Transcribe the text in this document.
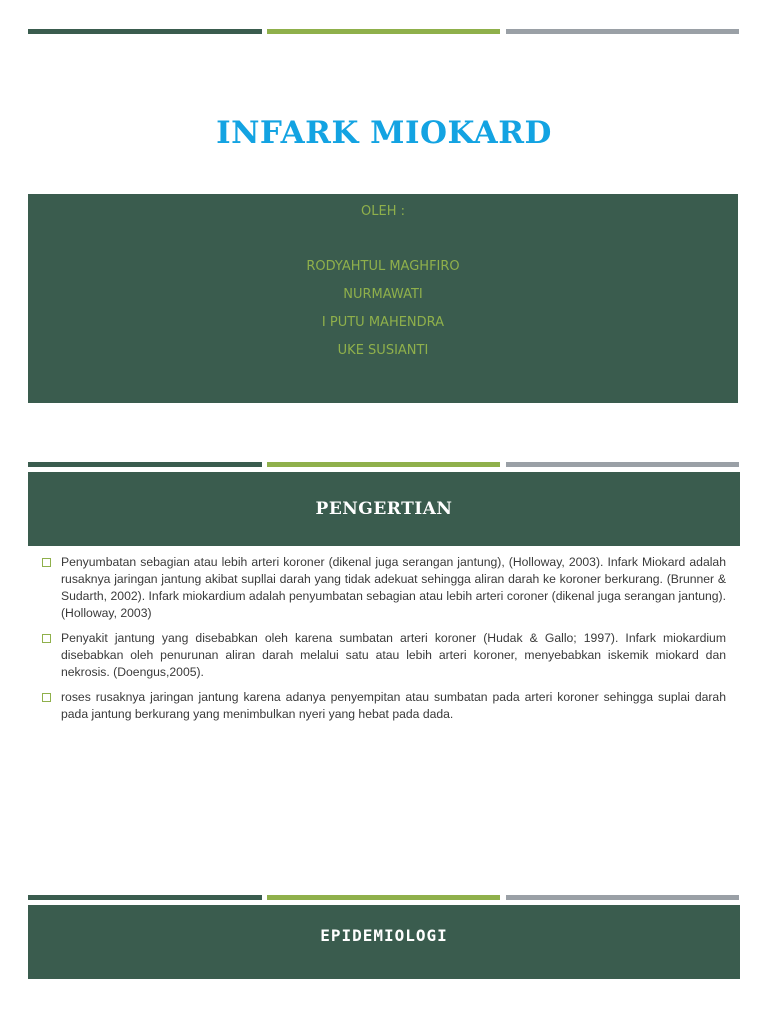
INFARK MIOKARD
OLEH :
RODYAHTUL MAGHFIRO
NURMAWATI
I PUTU MAHENDRA
UKE SUSIANTI
PENGERTIAN
Penyumbatan sebagian atau lebih arteri koroner (dikenal juga serangan jantung), (Holloway, 2003). Infark Miokard adalah rusaknya jaringan jantung akibat supllai darah yang tidak adekuat sehingga aliran darah ke koroner berkurang. (Brunner & Sudarth, 2002). Infark miokardium adalah penyumbatan sebagian atau lebih arteri coroner (dikenal juga serangan jantung). (Holloway, 2003)
Penyakit jantung yang disebabkan oleh karena sumbatan arteri koroner (Hudak & Gallo; 1997). Infark miokardium disebabkan oleh penurunan aliran darah melalui satu atau lebih arteri koroner, menyebabkan iskemik miokard dan nekrosis. (Doengus,2005).
roses rusaknya jaringan jantung karena adanya penyempitan atau sumbatan pada arteri koroner sehingga suplai darah pada jantung berkurang yang menimbulkan nyeri yang hebat pada dada.
EPIDEMIOLOGI
